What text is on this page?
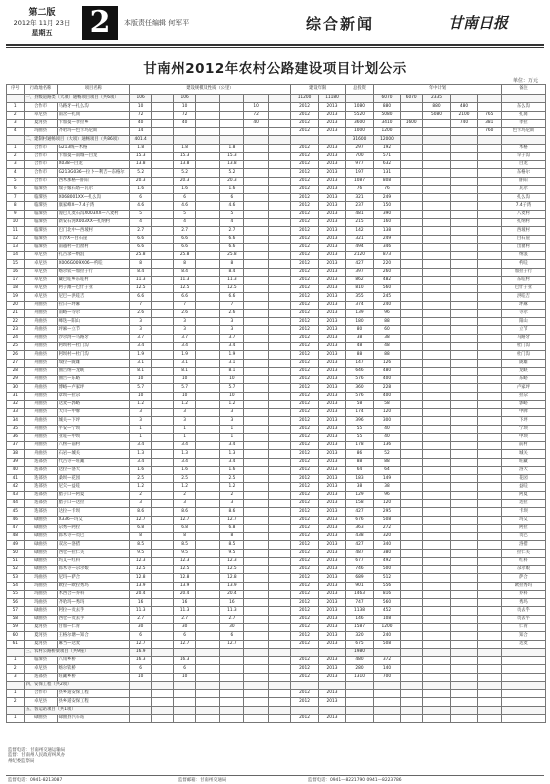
第二版
2012年 11月 23日
星期五	2	本版责任编辑 何军平	综合新闻	甘南日报
甘南州2012年农村公路建设项目计划公示
单位：万元
序号	行政地名称	项目名称	建设规模及性质（公里）							建设年限		总投资	年中计划					备注
	一、县级道路类（大项）通畅项目项目（共6项）		106		106					11200	11180		6070	6070	2335			
1	合作市	马路牙—扎么沟	10		10			10		2012	2013	1080	880		880	480		东么沟
2	卓尼县	南岔—扎岗	72		72			72		2012	2013	5520	5080		5080	2100	765	扎岗
3	夏河县	卡加曼—孝拉乡	40		40			40		2012	2013	3600	3410	1600		740	381	孝拉
4	玛曲县	齐哈玛—色卡玛尼斯	14							2012	2013	1000	1200				760	色卡玛尼斯
	二、建制村通畅项目（大项）通畅项目（共86项）		401.4									31600	12000					
1	合作市	G213线—木格	1.8		1.8		1.8			2012	2013	297	192					木格
2	合作市	卡加曼—南城—白龙	15.3		15.3		15.3			2012	2013	700	571					早子沟
3	合作市	X038—白龙	13.8		13.8		13.8			2012	2013	977	632					白龙
4	合作市	G213G036—拉卜—利吉—东格尔	5.2		5.2		5.2			2012	2013	197	131					东格尔
5	合作市	西木那格—卧阳	20.3		20.3		20.3			2012	2013	1087	808					卧阳
6	临潭县	瑞子嫁石塔—瓦尔	1.6		1.6		1.6			2012	2013	76	76					瓦尔
7	临潭县	X068001XX—扎么沟	6		6		6			2012	2013	321	249					扎么沟
8	临潭县	康家峰X—7.4子湾	4.6		4.6		4.6			2012	2013	237	150					7.4子湾
9	临潭县	漫巴儿麦石沟X003XX—八麦村	5		5		5			2012	2013	481	390					八麦村
10	临潭县	新安石河X003XX—扎纳村	4		4		4			2012	2013	215	160					扎纳村
11	临潭县	巴门北中—西坡村	2.7		2.7		2.7			2012	2013	142	138					西坡村
12	临潭县	羊沙X—白石崖	6.6		6.6		6.6			2012	2013	321	249					白石崖
13	临潭县	南越村—出窗村	6.6		6.6		6.6			2012	2013	494	346					出窗村
14	卓尼县	扎古录—纳浪	25.8		25.8		25.8			2012	2013	2120	873					纳浪
15	卓尼县	X006G009X06—杓哇	8		8		8			2012	2013	427	220					杓哇
16	卓尼县	喀尔钦—加拉子行	8.4		8.4		8.4			2012	2013	397	260					加拉子行
17	卓尼县	藏巴哇乡东哇村	11.3		11.3		11.3			2012	2013	862	482					东哇村
18	卓尼县	阿子滩—巴什子亚	12.5		12.5		12.5			2012	2013	810	560					巴什子亚
19	卓尼县	尼巴—洪哇吉	6.6		6.6		6.6			2012	2013	355	245					洪哇吉
20	舟曲县	拉日—坪麻	7		7		7			2012	2013	374	240					坪麻
21	舟曲县	南峪—寺尔	2.6		2.6		2.6			2012	2013	139	96					寺尔
22	舟曲县	峰迭—阳山	3		3		3			2012	2013	180	88					阳山
23	舟曲县	坪麻—立节	3		3		3			2012	2013	80	60					立节
24	舟曲县	沙尔湾—马路牙	3.7		3.7		3.7			2012	2013	38	38					马路牙
25	舟曲县	阿坝村—杜门沟	3.4		3.4		3.4			2012	2013	48	48					杜门沟
26	舟曲县	阿坝村—杜门沟	1.9		1.9		1.9			2012	2013	88	88					杜门沟
27	舟曲县	瑞拉—陇雄	3.1		3.1		3.1			2012	2013	147	126					陇雄
28	舟曲县	曲告纳—龙峡	8.1		8.1		8.1			2012	2013	646	480					龙峡
29	舟曲县	曲告—东峪	10		10		10			2012	2013	576	400					东峪
30	舟曲县	博峪—卢家坪	5.7		5.7		5.7			2012	2013	360	228					卢家坪
31	舟曲县	章坝—拉尕	10		10		10			2012	2013	576	400					拉尕
32	舟曲县	达麦—郭峪	1.2		1.2		1.2			2012	2013	58	58					郭峪
33	舟曲县	大川—中牌	3		3		3			2012	2013	174	120					中牌
34	舟曲县	城关—下坪	3		3		3			2012	2013	396	300					下坪
35	舟曲县	平安—宁坝	1		1		1			2012	2013	55	40					宁坝
36	舟曲县	亚哇—中坝	1		1		1			2012	2013	55	40					中坝
37	舟曲县	八楞—前村	3.4		3.4		3.4			2012	2013	178	136					前村
38	舟曲县	石岩—城关	1.3		1.3		1.3			2012	2013	86	52					城关
39	迭部县	代古寺—旺藏	3.4		3.4		3.4			2012	2013	88	88					旺藏
40	迭部县	达拉—洛大	1.6		1.6		1.6			2012	2013	64	64					洛大
41	迭部县	桑坝—花园	2.5		2.5		2.5			2012	2013	183	149					花园
42	迭部县	尼欠—益哇	1.2		1.2		1.2			2012	2013	38	38					益哇
43	迭部县	腊子口—阿夏	2		2		2			2012	2013	129	96					阿夏
44	迭部县	腊子口—达拉	3		3		3			2012	2013	158	120					达拉
45	迭部县	达拉—卡坝	8.6		8.6		8.6			2012	2013	427	295					卡坝
46	碌曲县	X336—玛艾	12.7		12.7		12.7			2012	2013	676	508					玛艾
47	碌曲县	尕秀—阿拉	6.8		6.8		6.8			2012	2013	363	272					阿拉
48	碌曲县	郎木寺—贡巴	8		8		8			2012	2013	438	320					贡巴
49	碌曲县	双岔—洛措	8.5		8.5		8.5			2012	2013	427	340					洛措
50	碌曲县	西仓—拉仁关	9.5		9.5		9.5			2012	2013	487	380					拉仁关
51	碌曲县	玛艾—红科	12.3		12.3		12.3			2012	2013	677	492					红科
52	碌曲县	郎木寺—尕尔娘	12.5		12.5		12.5			2012	2013	746	500					尕尔娘
53	玛曲县	尼玛—萨合	12.8		12.8		12.8			2012	2013	689	512					萨合
54	玛曲县	欧拉—欧拉秀玛	13.9		13.9		13.9			2012	2013	901	556					欧拉秀玛
55	玛曲县	木西合—乔科	20.4		20.4		20.4			2012	2013	1463	816					乔科
56	玛曲县	齐哈玛—秀玛	16		16		16			2012	2013	747	560					秀玛
57	碌曲县	阿拉—贡去乎	11.3		11.3		11.3			2012	2013	1138	452					贡去乎
58	碌曲县	西仓—贡去乎	2.7		2.7		2.7			2012	2013	146	108					贡去乎
59	夏河县	甘加—仁青	30		30		30			2012	2013	1587	1200					仁青
60	夏河县	王格尔塘—知合	6		6		6			2012	2013	320	240					知合
61	夏河县	麻当—达麦	12.7		12.7		12.7			2012	2013	675	508					达麦
	三、农村公路桥梁项目（共9座）		16.9									1980						
1	临潭县	八角乡桥	16.3		16.3					2012	2013	480	372					
2	卓尼县	喀尔钦桥	6		6					2012	2013	280	140					
3	迭部县	旺藏乡桥	10		10					2012	2013	1310	700					
	四、安保工程（共2项）																	
1	合作市	县乡道安保工程								2012	2013							
2	卓尼县	县乡道安保工程								2012	2013							
	五、客运站项目（共1项）																	
1	碌曲县	碌曲县汽车站								2012	2013							
监督电话：甘南州交通运输局
监督：甘南州人民政府纠风办
州纪委监察局
监督电话：0941-8213087	监督邮箱：甘南州交通局	监督电话：0941—8221790 0941—8223786
